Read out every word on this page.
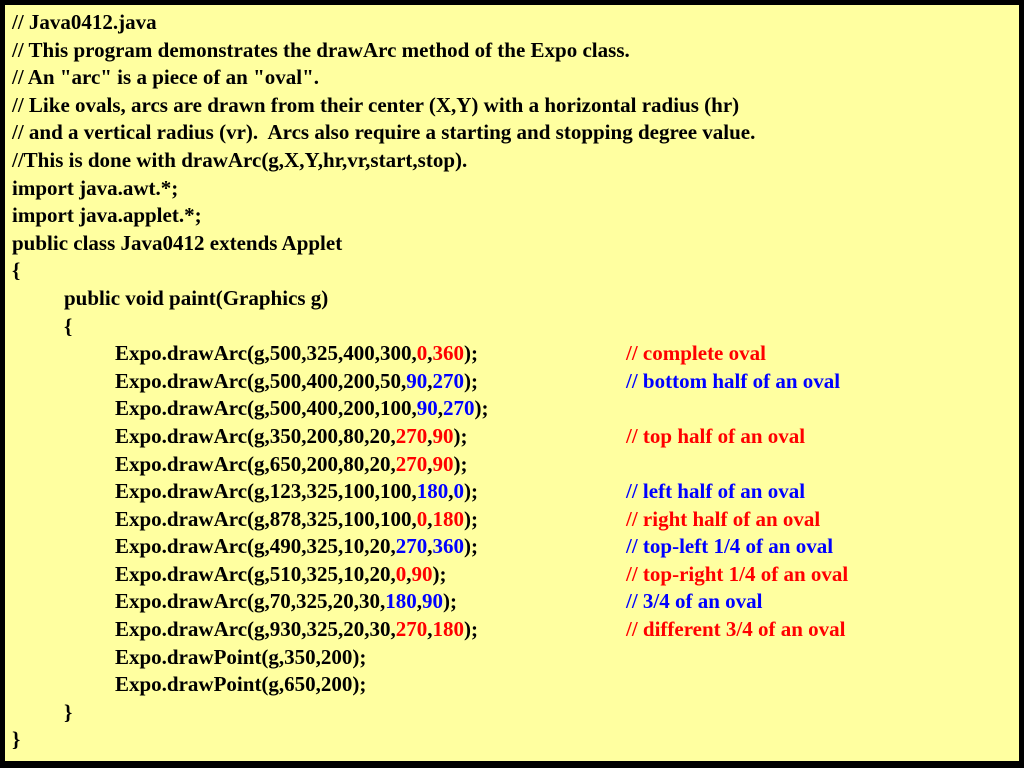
// Java0412.java
// This program demonstrates the drawArc method of the Expo class.
// An "arc" is a piece of an "oval".
// Like ovals, arcs are drawn from their center (X,Y) with a horizontal radius (hr)
// and a vertical radius (vr).  Arcs also require a starting and stopping degree value.
//This is done with drawArc(g,X,Y,hr,vr,start,stop).
import java.awt.*;
import java.applet.*;
public class Java0412 extends Applet
{
public void paint(Graphics g)
{
Expo.drawArc(g,500,325,400,300,0,360);	// complete oval
Expo.drawArc(g,500,400,200,50,90,270);	// bottom half of an oval
Expo.drawArc(g,500,400,200,100,90,270);
Expo.drawArc(g,350,200,80,20,270,90);	// top half of an oval
Expo.drawArc(g,650,200,80,20,270,90);
Expo.drawArc(g,123,325,100,100,180,0);	// left half of an oval
Expo.drawArc(g,878,325,100,100,0,180);	// right half of an oval
Expo.drawArc(g,490,325,10,20,270,360);	// top-left 1/4 of an oval
Expo.drawArc(g,510,325,10,20,0,90);	// top-right 1/4 of an oval
Expo.drawArc(g,70,325,20,30,180,90);	// 3/4 of an oval
Expo.drawArc(g,930,325,20,30,270,180);	// different 3/4 of an oval
Expo.drawPoint(g,350,200);
Expo.drawPoint(g,650,200);
}
}
